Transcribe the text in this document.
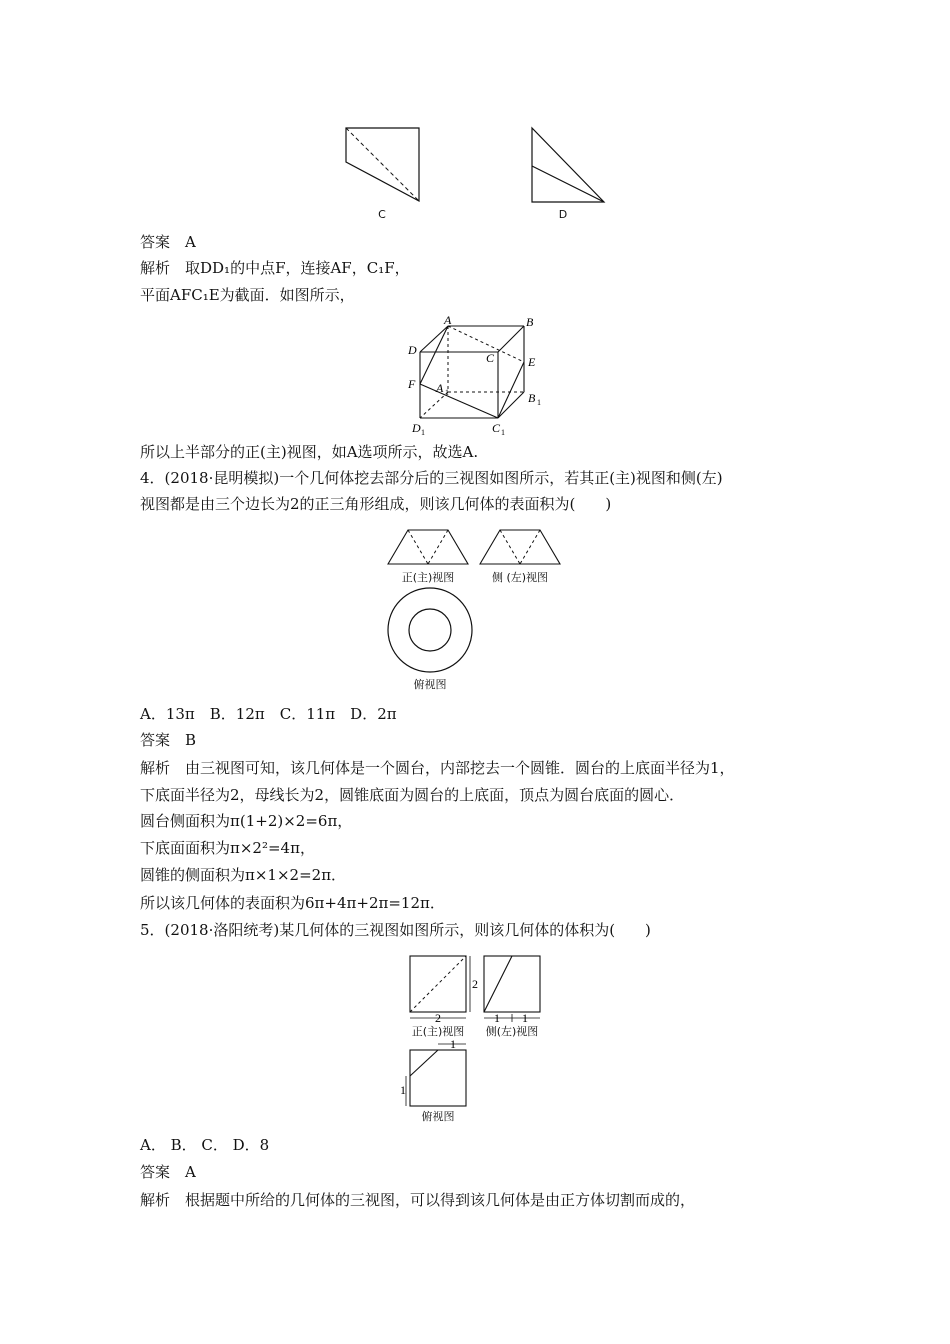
C	D
答案　A
解析　取DD₁的中点F，连接AF，C₁F，
平面AFC₁E为截面．如图所示，
A	B
C
D
E
F A
B
C
D
1
1
1
1
所以上半部分的正(主)视图，如A选项所示，故选A.
4．(2018·昆明模拟)一个几何体挖去部分后的三视图如图所示，若其正(主)视图和侧(左)
视图都是由三个边长为2的正三角形组成，则该几何体的表面积为(　　)
正(主)视图	侧 (左)视图
俯视图
A．13π　B．12π　C．11π　D．2π
答案　B
解析　由三视图可知，该几何体是一个圆台，内部挖去一个圆锥．圆台的上底面半径为1，
下底面半径为2，母线长为2，圆锥底面为圆台的上底面，顶点为圆台底面的圆心．
圆台侧面积为π(1+2)×2=6π，
下底面面积为π×2²=4π，
圆锥的侧面积为π×1×2=2π．
所以该几何体的表面积为6π+4π+2π=12π．
5．(2018·洛阳统考)某几何体的三视图如图所示，则该几何体的体积为(　　)
2
2	1 1
正(主)视图 侧(左)视图
1
1
俯视图
A． B． C． D．8
答案　A
解析　根据题中所给的几何体的三视图，可以得到该几何体是由正方体切割而成的，
